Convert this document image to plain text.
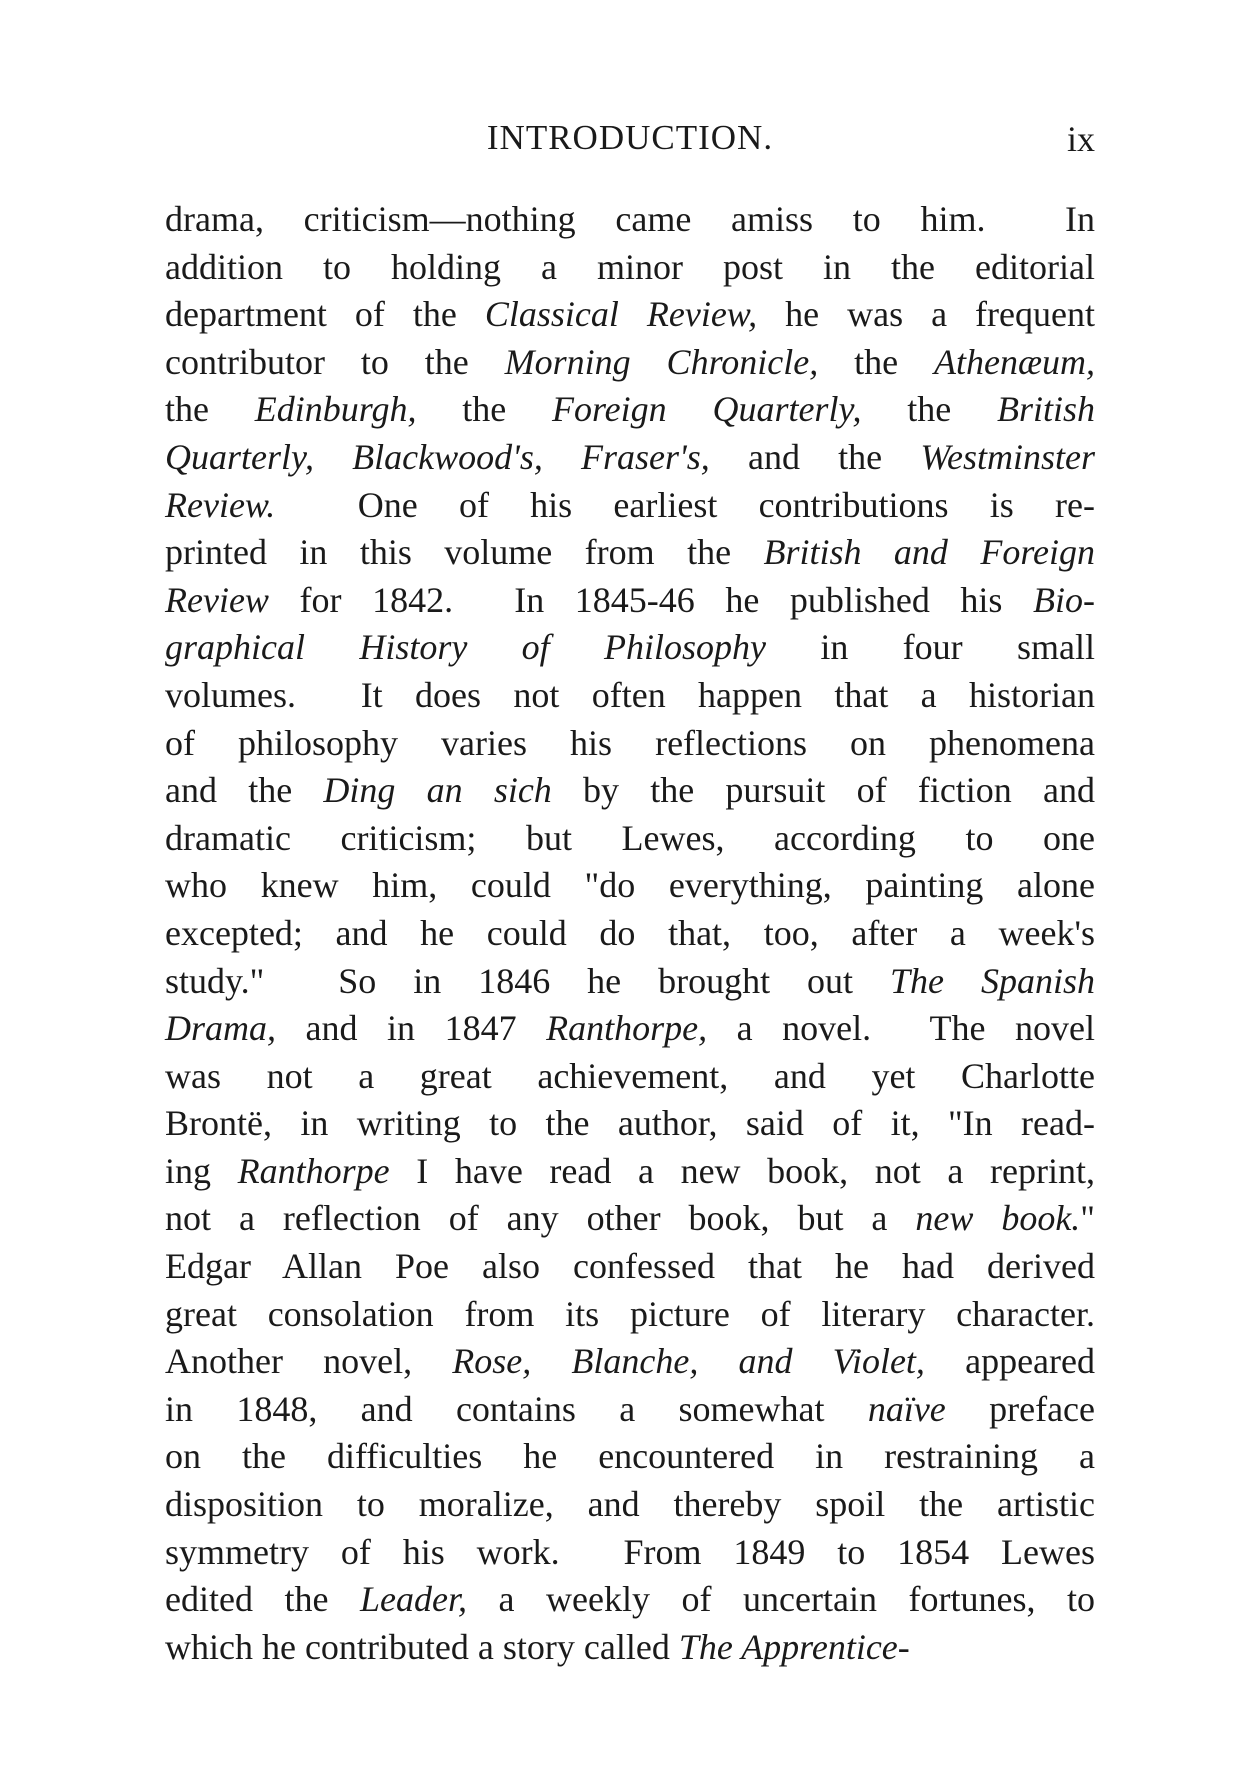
INTRODUCTION.	ix
drama, criticism—nothing came amiss to him.  In
addition to holding a minor post in the editorial
department of the Classical Review, he was a frequent
contributor to the Morning Chronicle, the Athenæum,
the Edinburgh, the Foreign Quarterly, the British
Quarterly, Blackwood's, Fraser's, and the Westminster
Review.  One of his earliest contributions is re-
printed in this volume from the British and Foreign
Review for 1842.  In 1845-46 he published his Bio-
graphical History of Philosophy in four small
volumes.  It does not often happen that a historian
of philosophy varies his reflections on phenomena
and the Ding an sich by the pursuit of fiction and
dramatic criticism; but Lewes, according to one
who knew him, could "do everything, painting alone
excepted; and he could do that, too, after a week's
study."  So in 1846 he brought out The Spanish
Drama, and in 1847 Ranthorpe, a novel.  The novel
was not a great achievement, and yet Charlotte
Brontë, in writing to the author, said of it, "In read-
ing Ranthorpe I have read a new book, not a reprint,
not a reflection of any other book, but a new book."
Edgar Allan Poe also confessed that he had derived
great consolation from its picture of literary character.
Another novel, Rose, Blanche, and Violet, appeared
in 1848, and contains a somewhat naïve preface
on the difficulties he encountered in restraining a
disposition to moralize, and thereby spoil the artistic
symmetry of his work.  From 1849 to 1854 Lewes
edited the Leader, a weekly of uncertain fortunes, to
which he contributed a story called The Apprentice-
